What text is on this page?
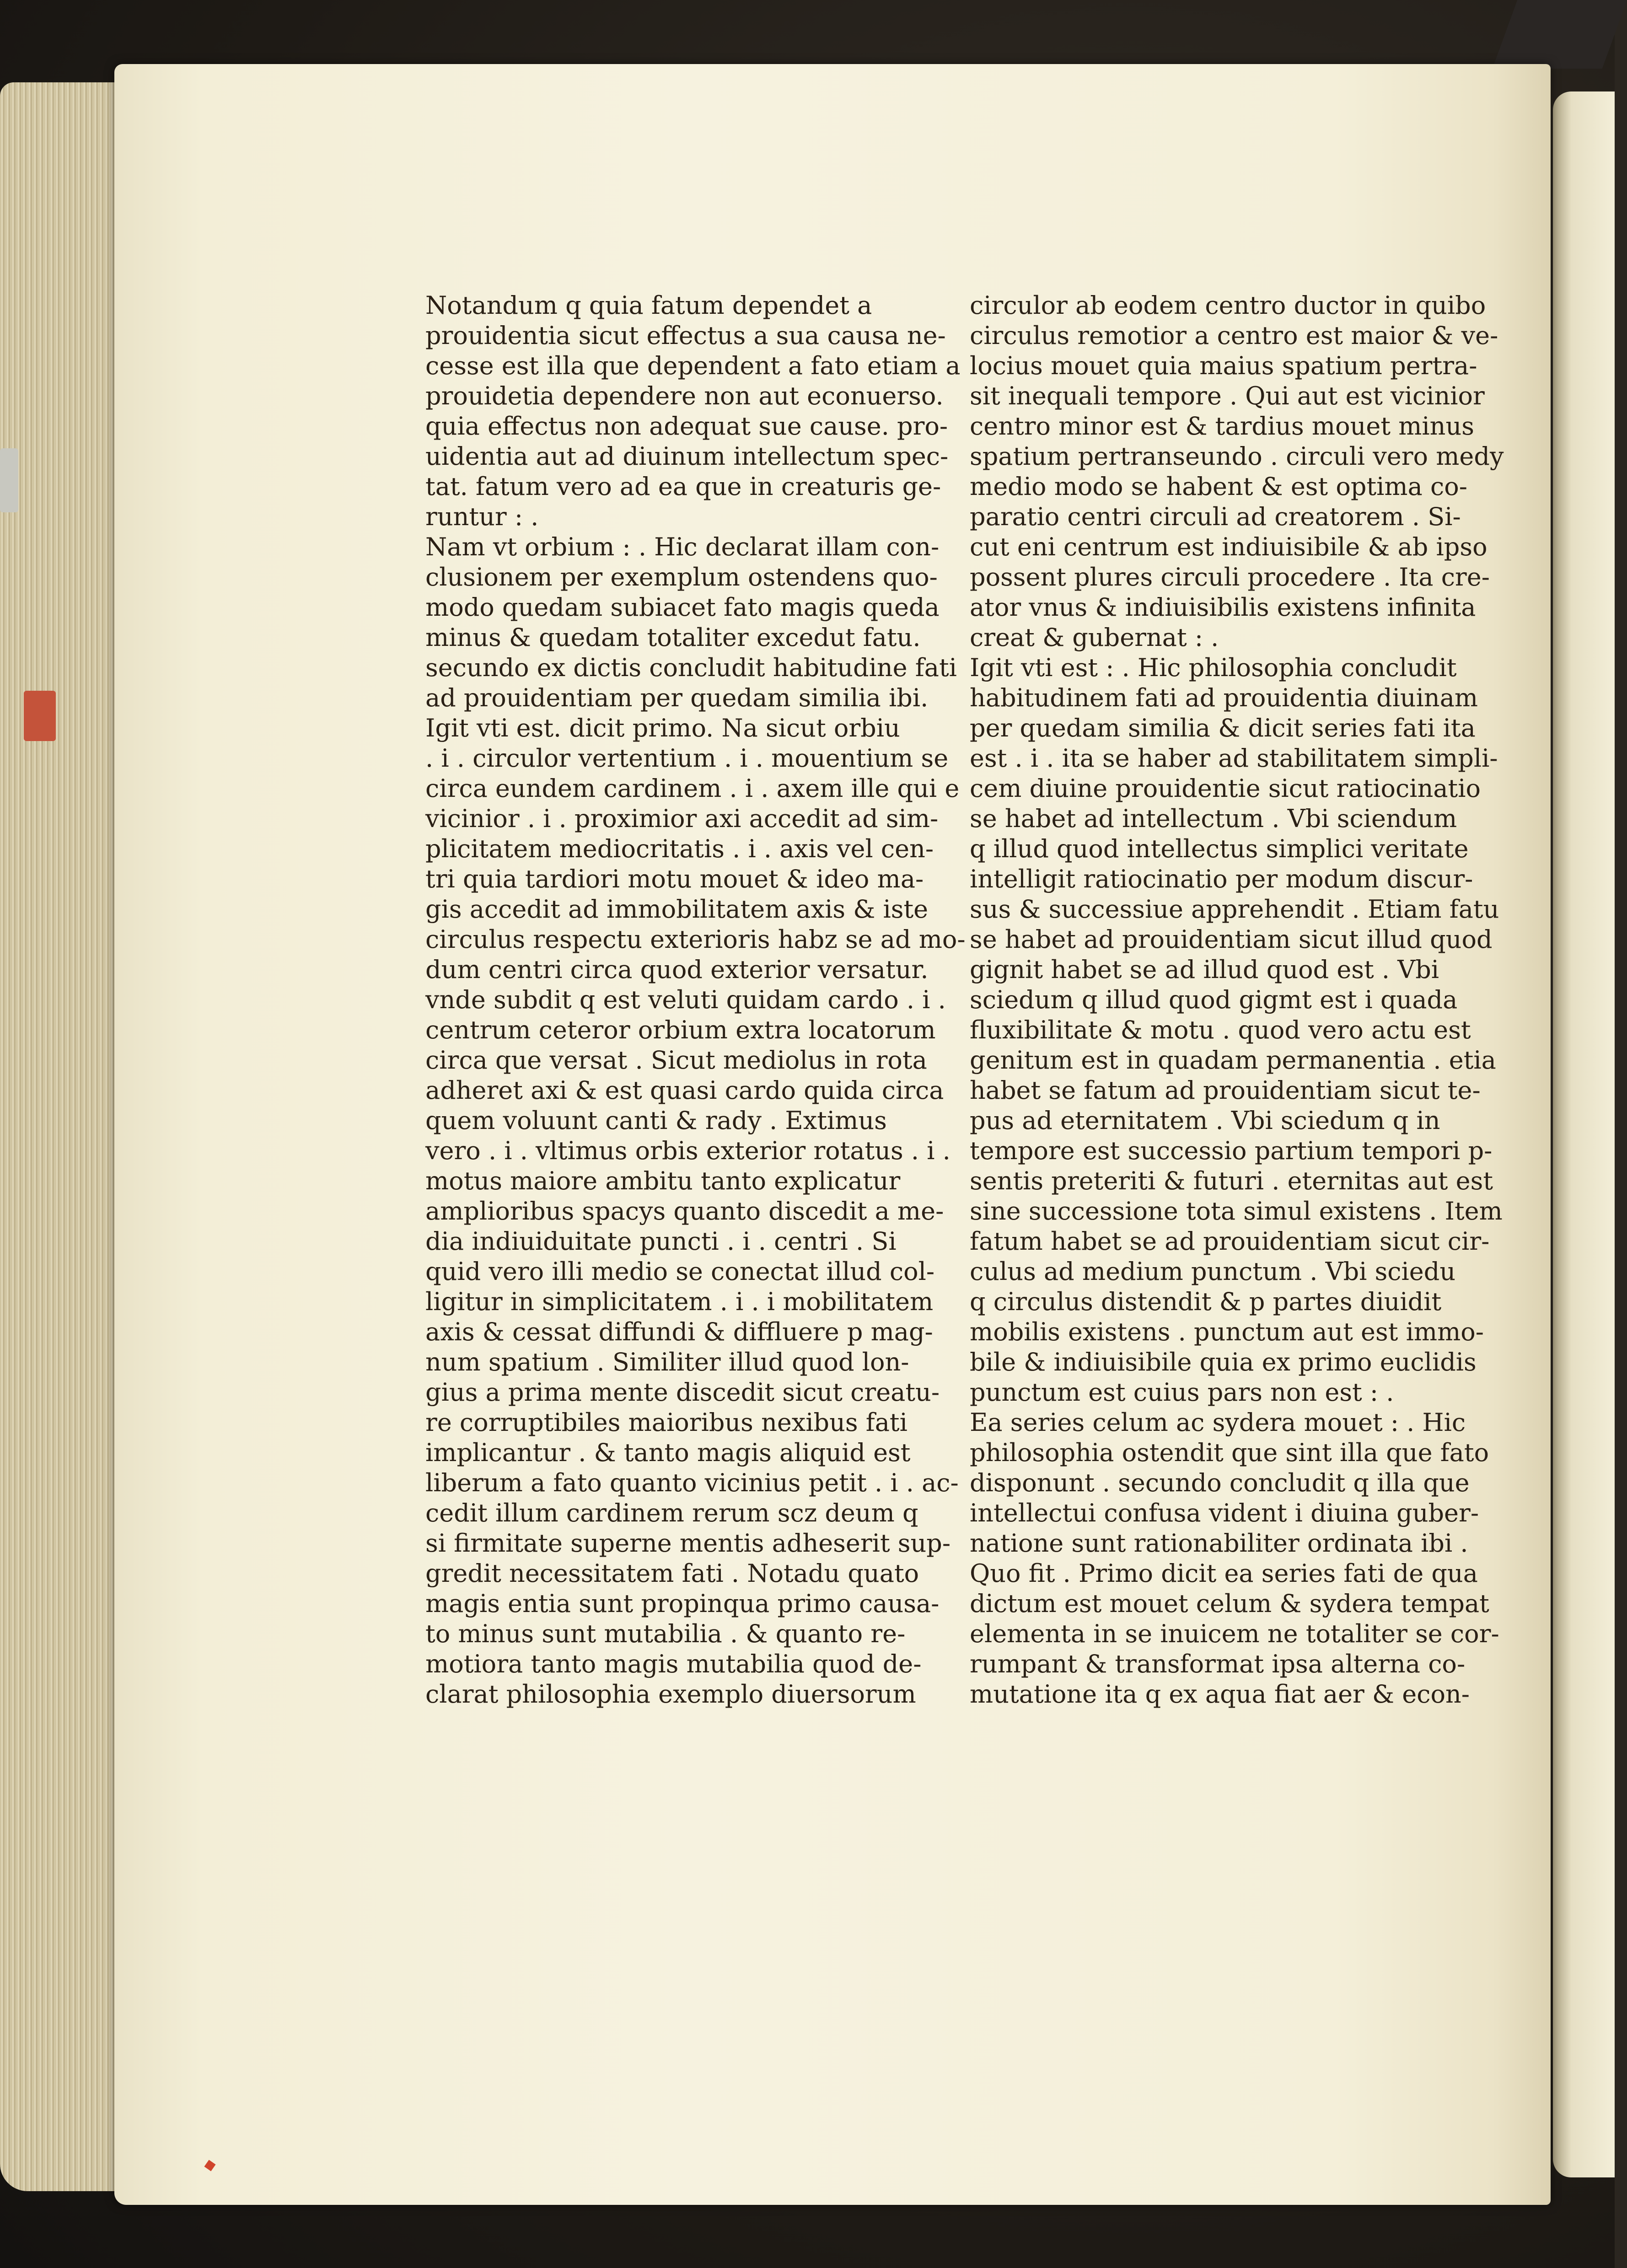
Notandum q quia fatum dependet a
prouidentia sicut effectus a sua causa ne-
cesse est illa que dependent a fato etiam a
prouidetia dependere non aut econuerso.
quia effectus non adequat sue cause. pro-
uidentia aut ad diuinum intellectum spec-
tat. fatum vero ad ea que in creaturis ge-
runtur : .
Nam vt orbium : . Hic declarat illam con-
clusionem per exemplum ostendens quo-
modo quedam subiacet fato magis queda
minus & quedam totaliter excedut fatu.
secundo ex dictis concludit habitudine fati
ad prouidentiam per quedam similia ibi.
Igit vti est. dicit primo. Na sicut orbiu
. i . circulor vertentium . i . mouentium se
circa eundem cardinem . i . axem ille qui e
vicinior . i . proximior axi accedit ad sim-
plicitatem mediocritatis . i . axis vel cen-
tri quia tardiori motu mouet & ideo ma-
gis accedit ad immobilitatem axis & iste
circulus respectu exterioris habz se ad mo-
dum centri circa quod exterior versatur.
vnde subdit q est veluti quidam cardo . i .
centrum ceteror orbium extra locatorum
circa que versat . Sicut mediolus in rota
adheret axi & est quasi cardo quida circa
quem voluunt canti & rady . Extimus
vero . i . vltimus orbis exterior rotatus . i .
motus maiore ambitu tanto explicatur
amplioribus spacys quanto discedit a me-
dia indiuiduitate puncti . i . centri . Si
quid vero illi medio se conectat illud col-
ligitur in simplicitatem . i . i mobilitatem
axis & cessat diffundi & diffluere p mag-
num spatium . Similiter illud quod lon-
gius a prima mente discedit sicut creatu-
re corruptibiles maioribus nexibus fati
implicantur . & tanto magis aliquid est
liberum a fato quanto vicinius petit . i . ac-
cedit illum cardinem rerum scz deum q
si firmitate superne mentis adheserit sup-
gredit necessitatem fati . Notadu quato
magis entia sunt propinqua primo causa-
to minus sunt mutabilia . & quanto re-
motiora tanto magis mutabilia quod de-
clarat philosophia exemplo diuersorum
circulor ab eodem centro ductor in quibo
circulus remotior a centro est maior & ve-
locius mouet quia maius spatium pertra-
sit inequali tempore . Qui aut est vicinior
centro minor est & tardius mouet minus
spatium pertranseundo . circuli vero medy
medio modo se habent & est optima co-
paratio centri circuli ad creatorem . Si-
cut eni centrum est indiuisibile & ab ipso
possent plures circuli procedere . Ita cre-
ator vnus & indiuisibilis existens infinita
creat & gubernat : .
Igit vti est : . Hic philosophia concludit
habitudinem fati ad prouidentia diuinam
per quedam similia & dicit series fati ita
est . i . ita se haber ad stabilitatem simpli-
cem diuine prouidentie sicut ratiocinatio
se habet ad intellectum . Vbi sciendum
q illud quod intellectus simplici veritate
intelligit ratiocinatio per modum discur-
sus & successiue apprehendit . Etiam fatu
se habet ad prouidentiam sicut illud quod
gignit habet se ad illud quod est . Vbi
sciedum q illud quod gigmt est i quada
fluxibilitate & motu . quod vero actu est
genitum est in quadam permanentia . etia
habet se fatum ad prouidentiam sicut te-
pus ad eternitatem . Vbi sciedum q in
tempore est successio partium tempori p-
sentis preteriti & futuri . eternitas aut est
sine successione tota simul existens . Item
fatum habet se ad prouidentiam sicut cir-
culus ad medium punctum . Vbi sciedu
q circulus distendit & p partes diuidit
mobilis existens . punctum aut est immo-
bile & indiuisibile quia ex primo euclidis
punctum est cuius pars non est : .
Ea series celum ac sydera mouet : . Hic
philosophia ostendit que sint illa que fato
disponunt . secundo concludit q illa que
intellectui confusa vident i diuina guber-
natione sunt rationabiliter ordinata ibi .
Quo fit . Primo dicit ea series fati de qua
dictum est mouet celum & sydera tempat
elementa in se inuicem ne totaliter se cor-
rumpant & transformat ipsa alterna co-
mutatione ita q ex aqua fiat aer & econ-
